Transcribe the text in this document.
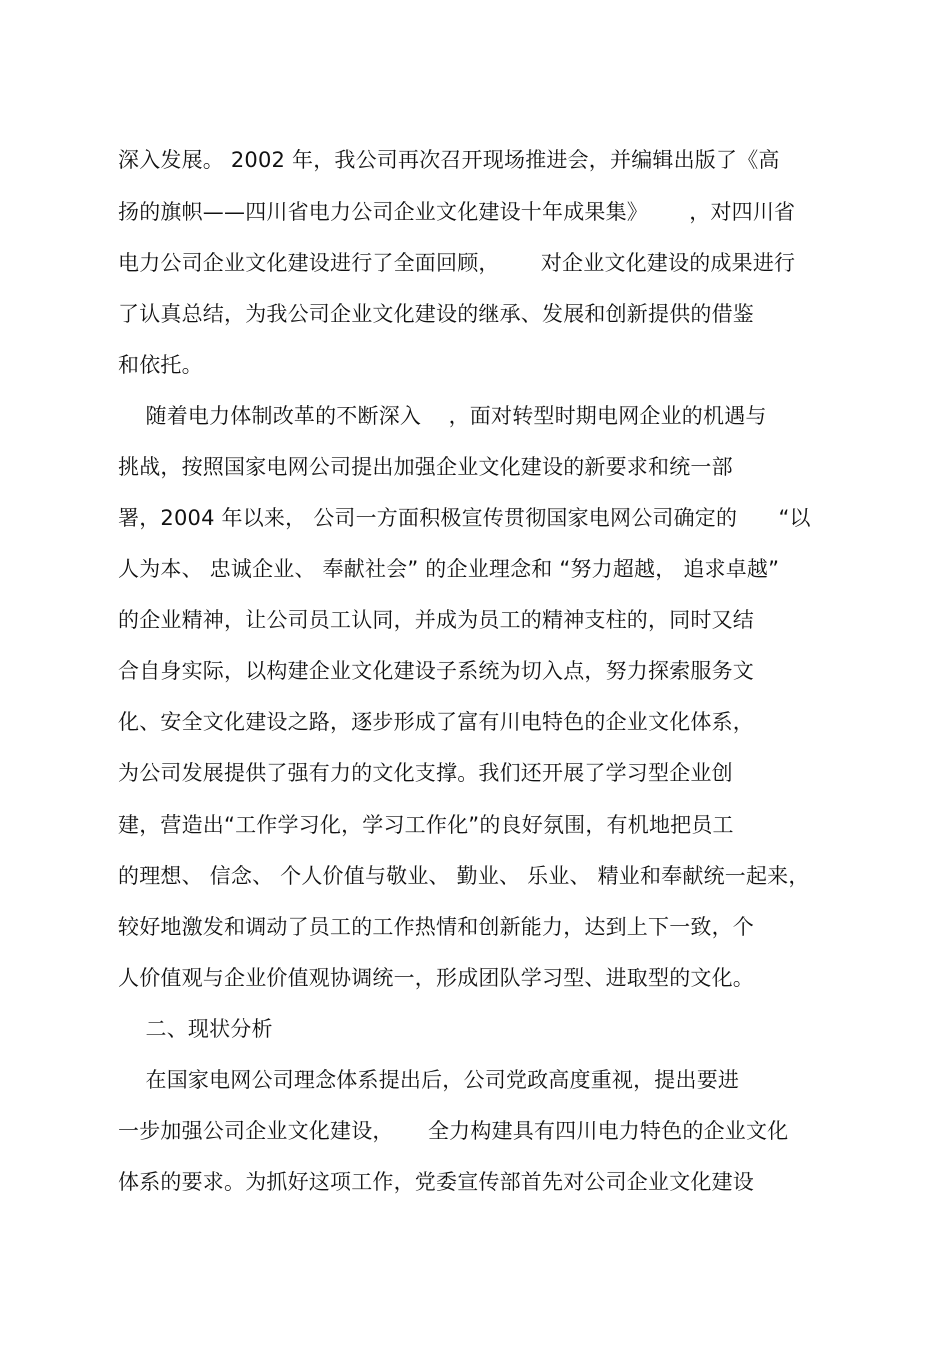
深入发展。 2002 年，我公司再次召开现场推进会，并编辑出版了《高
扬的旗帜——四川省电力公司企业文化建设十年成果集》      ，对四川省
电力公司企业文化建设进行了全面回顾，      对企业文化建设的成果进行
了认真总结，为我公司企业文化建设的继承、发展和创新提供的借鉴
和依托。
随着电力体制改革的不断深入    ，面对转型时期电网企业的机遇与
挑战，按照国家电网公司提出加强企业文化建设的新要求和统一部
署，2004 年以来， 公司一方面积极宣传贯彻国家电网公司确定的      “以
人为本、 忠诚企业、 奉献社会” 的企业理念和 “努力超越， 追求卓越”
的企业精神，让公司员工认同，并成为员工的精神支柱的，同时又结
合自身实际，以构建企业文化建设子系统为切入点，努力探索服务文
化、安全文化建设之路，逐步形成了富有川电特色的企业文化体系，
为公司发展提供了强有力的文化支撑。我们还开展了学习型企业创
建，营造出“工作学习化，学习工作化”的良好氛围，有机地把员工
的理想、 信念、 个人价值与敬业、 勤业、 乐业、 精业和奉献统一起来，
较好地激发和调动了员工的工作热情和创新能力，达到上下一致，个
人价值观与企业价值观协调统一，形成团队学习型、进取型的文化。
二、现状分析
在国家电网公司理念体系提出后，公司党政高度重视，提出要进
一步加强公司企业文化建设，     全力构建具有四川电力特色的企业文化
体系的要求。为抓好这项工作，党委宣传部首先对公司企业文化建设
